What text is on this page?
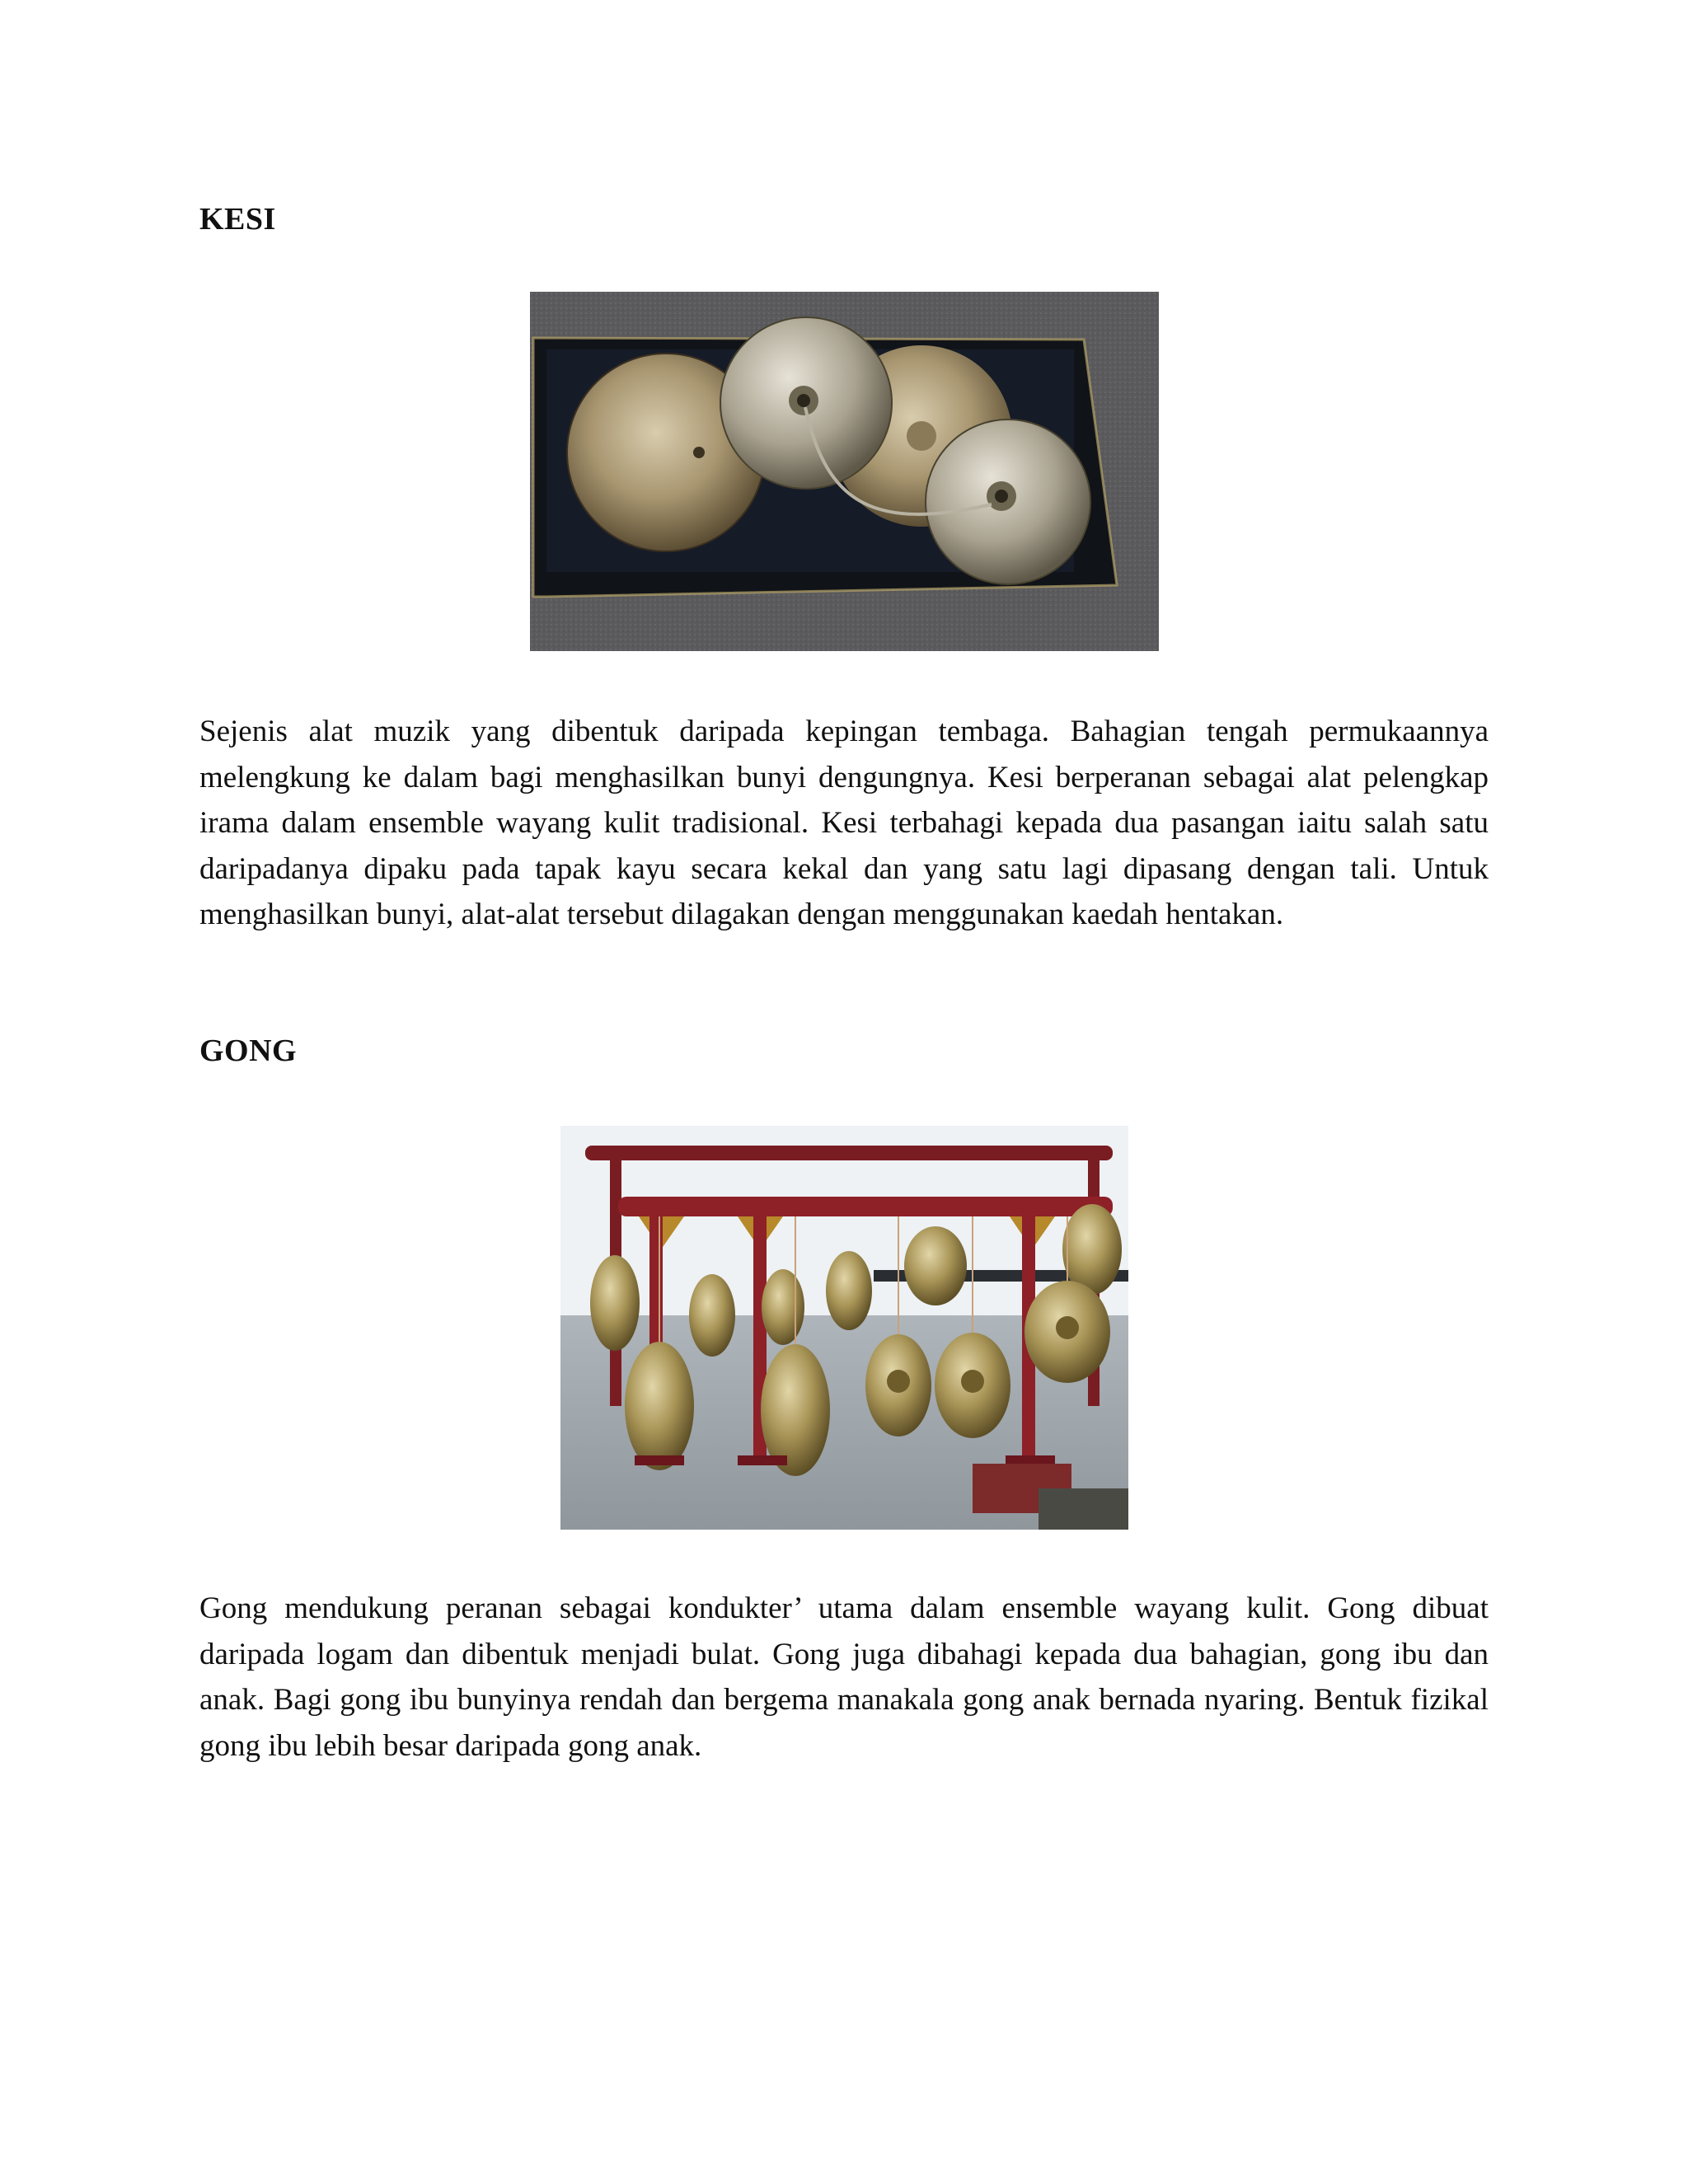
KESI

Sejenis alat muzik yang dibentuk daripada kepingan tembaga. Bahagian tengah permukaannya melengkung ke dalam bagi menghasilkan bunyi dengungnya. Kesi berperanan sebagai alat pelengkap irama dalam ensemble wayang kulit tradisional. Kesi terbahagi kepada dua pasangan iaitu salah satu daripadanya dipaku pada tapak kayu secara kekal dan yang satu lagi dipasang dengan tali. Untuk menghasilkan bunyi, alat-alat tersebut dilagakan dengan menggunakan kaedah hentakan.

GONG

Gong mendukung peranan sebagai kondukter’ utama dalam ensemble wayang kulit. Gong dibuat daripada logam dan dibentuk menjadi bulat. Gong juga dibahagi kepada dua bahagian, gong ibu dan anak. Bagi gong ibu bunyinya rendah dan bergema manakala gong anak bernada nyaring. Bentuk fizikal gong ibu lebih besar daripada gong anak.
